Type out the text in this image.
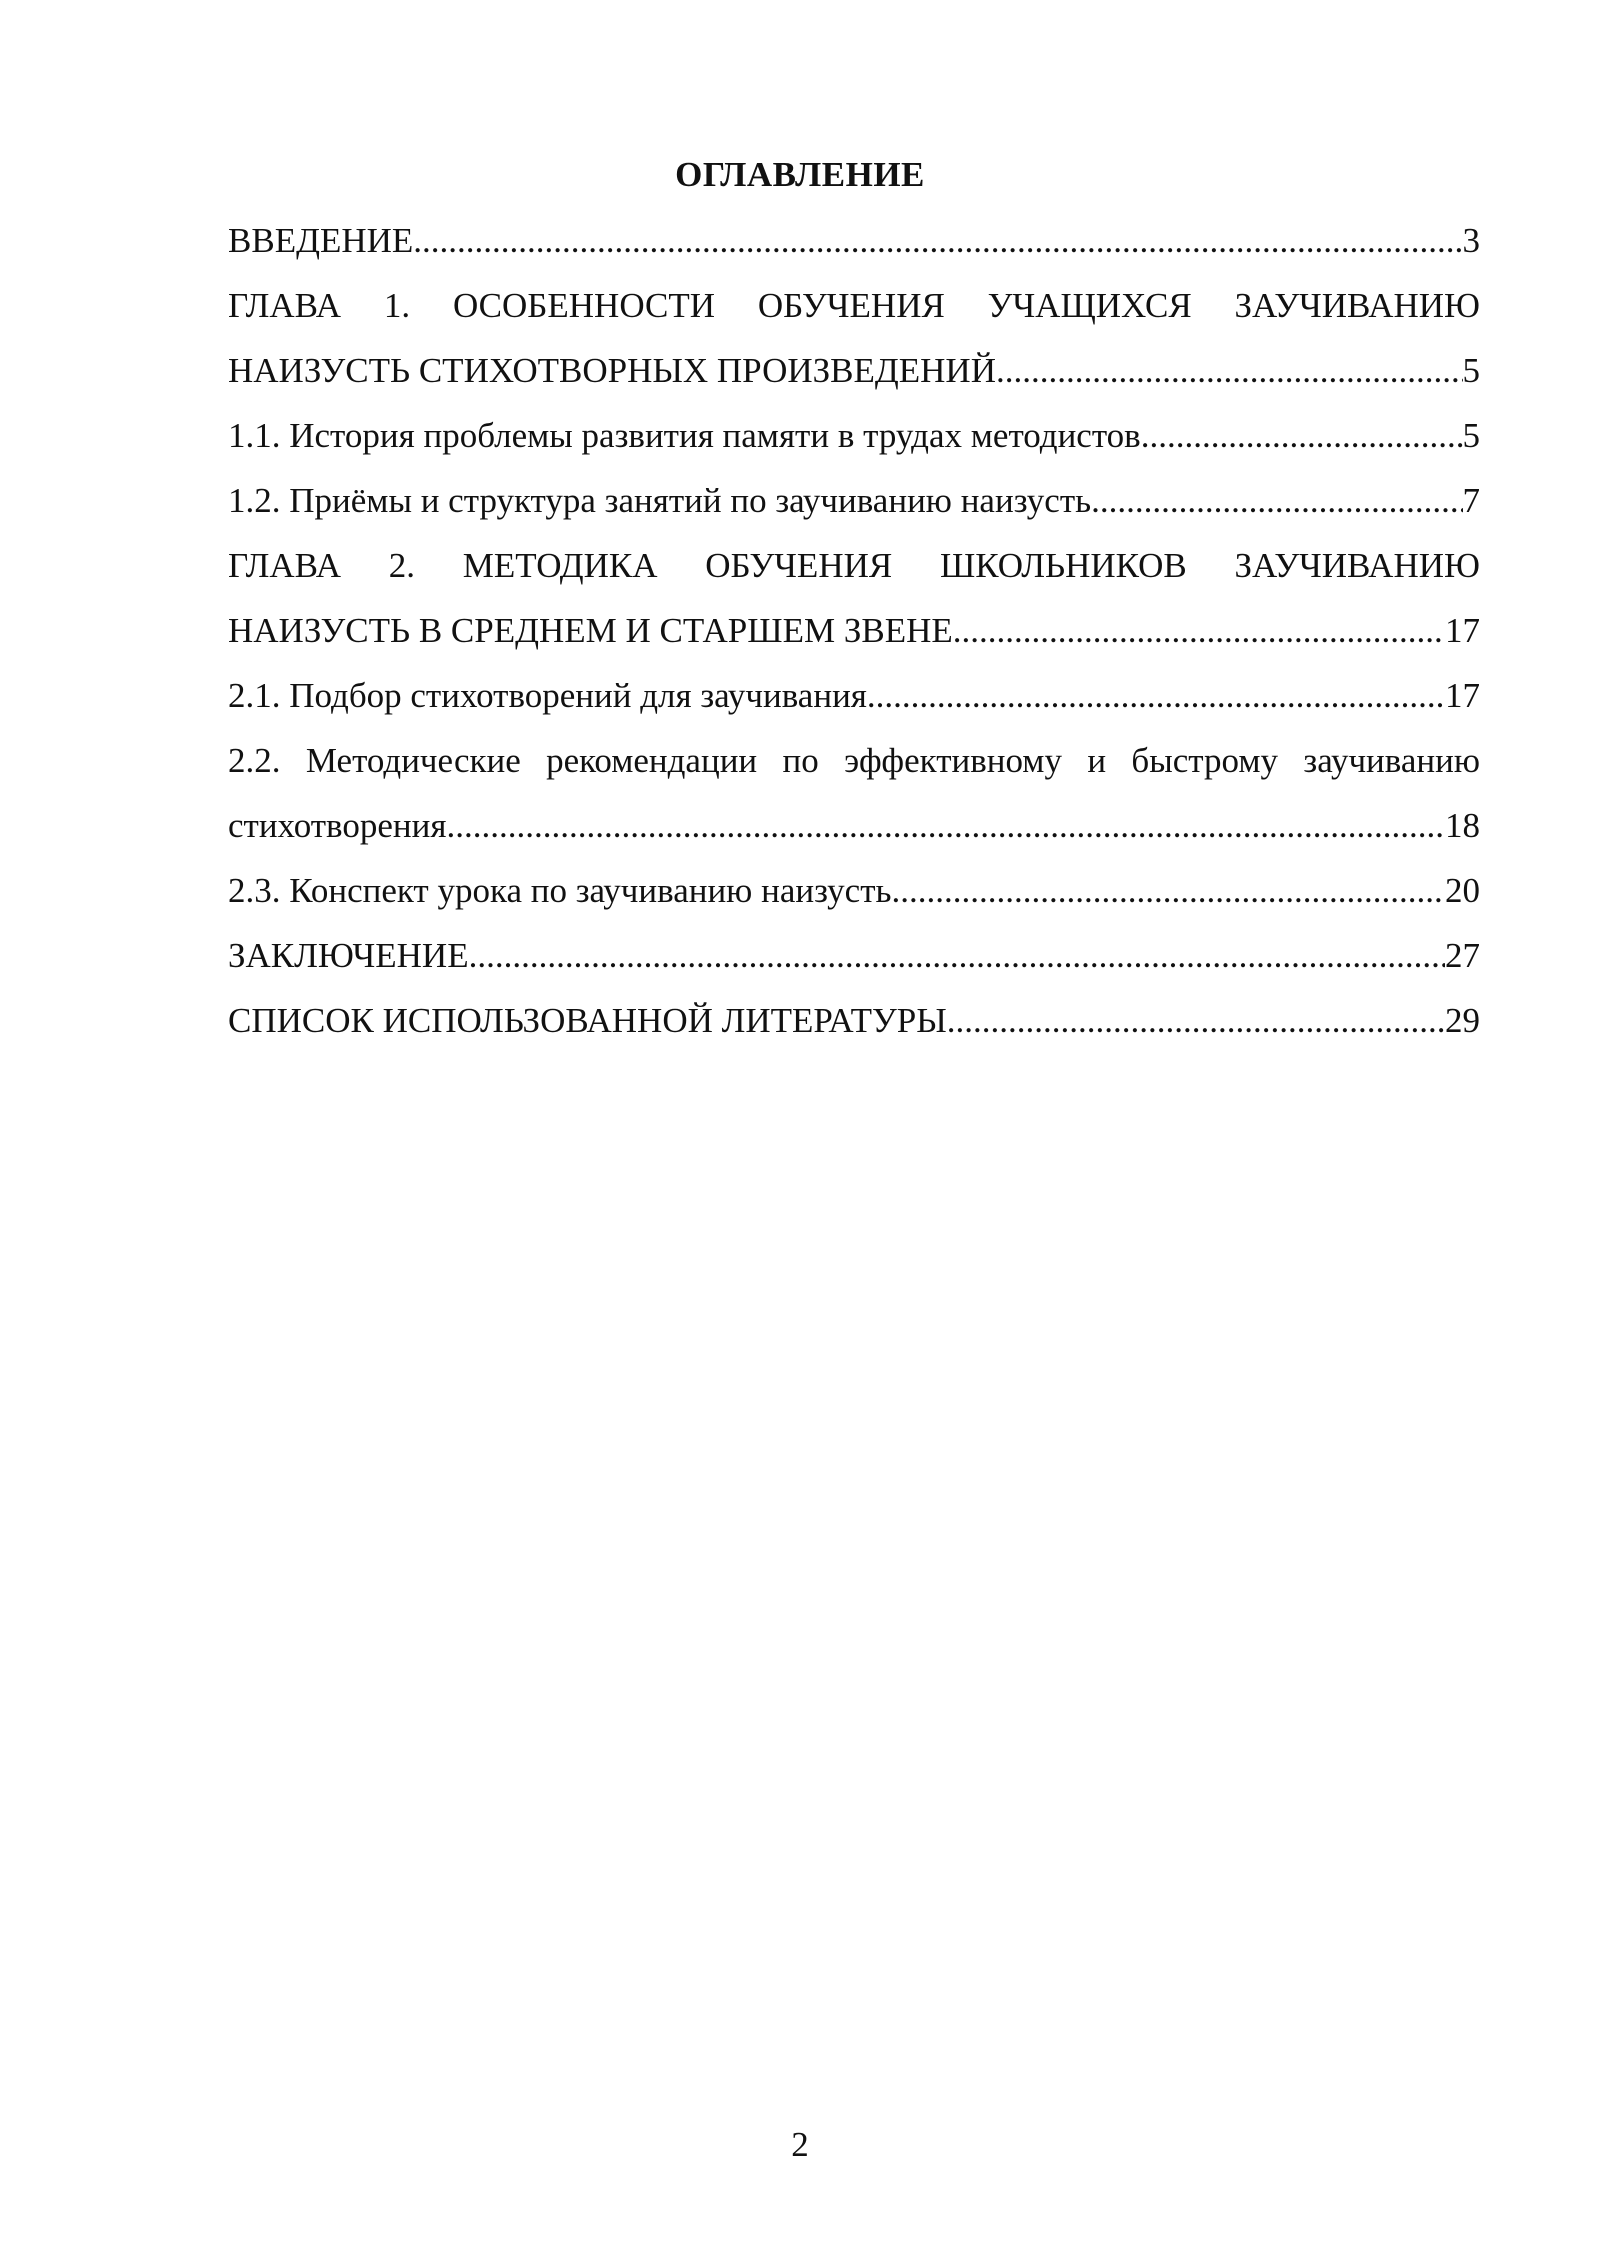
ОГЛАВЛЕНИЕ
ВВЕДЕНИЕ .....	3
ГЛАВА 1. ОСОБЕННОСТИ ОБУЧЕНИЯ УЧАЩИХСЯ ЗАУЧИВАНИЮ
НАИЗУСТЬ СТИХОТВОРНЫХ ПРОИЗВЕДЕНИЙ .....	5
1.1. История проблемы развития памяти в трудах методистов .....	5
1.2. Приёмы и структура занятий по заучиванию наизусть .....	7
ГЛАВА 2. МЕТОДИКА ОБУЧЕНИЯ ШКОЛЬНИКОВ ЗАУЧИВАНИЮ
НАИЗУСТЬ В СРЕДНЕМ И СТАРШЕМ ЗВЕНЕ .....	17
2.1. Подбор стихотворений для заучивания .....	17
2.2. Методические рекомендации по эффективному и быстрому заучиванию
стихотворения .....	18
2.3. Конспект урока по заучиванию наизусть .....	20
ЗАКЛЮЧЕНИЕ .....	27
СПИСОК ИСПОЛЬЗОВАННОЙ ЛИТЕРАТУРЫ .....	29
2
